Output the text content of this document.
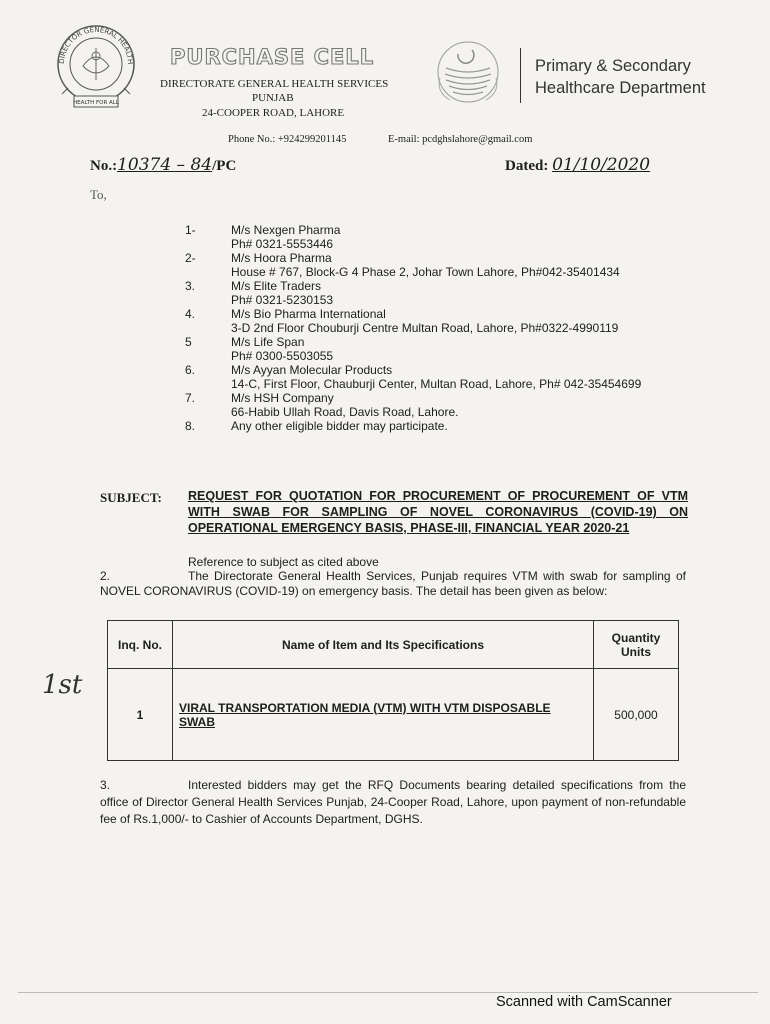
DIRECTOR GENERAL HEALTH
HEALTH FOR ALL
PURCHASE CELL
DIRECTORATE GENERAL HEALTH SERVICES
PUNJAB
24-COOPER ROAD, LAHORE
Primary & Secondary
Healthcare Department
Phone No.: +924299201145	E-mail: pcdghslahore@gmail.com
No.:10374 – 84/PC	Dated: 01/10/2020
To,
1-	M/s Nexgen Pharma
Ph# 0321-5553446
2-	M/s Hoora Pharma
House # 767, Block-G 4 Phase 2, Johar Town Lahore, Ph#042-35401434
3.	M/s Elite Traders
Ph# 0321-5230153
4.	M/s Bio Pharma International
3-D 2nd Floor Chouburji Centre Multan Road, Lahore, Ph#0322-4990119
5	M/s Life Span
Ph# 0300-5503055
6.	M/s Ayyan Molecular Products
14-C, First Floor, Chauburji Center, Multan Road, Lahore, Ph# 042-35454699
7.	M/s HSH Company
66-Habib Ullah Road, Davis Road, Lahore.
8.	Any other eligible bidder may participate.
SUBJECT: REQUEST FOR QUOTATION FOR PROCUREMENT OF PROCUREMENT OF VTM WITH SWAB FOR SAMPLING OF NOVEL CORONAVIRUS (COVID-19) ON OPERATIONAL EMERGENCY BASIS, PHASE-III, FINANCIAL YEAR 2020-21
Reference to subject as cited above
2.	The Directorate General Health Services, Punjab requires VTM with swab for sampling of NOVEL CORONAVIRUS (COVID-19) on emergency basis. The detail has been given as below:
Inq. No.	Name of Item and Its Specifications	Quantity Units
1	VIRAL TRANSPORTATION MEDIA (VTM) WITH VTM DISPOSABLE SWAB	500,000
1st
3.	Interested bidders may get the RFQ Documents bearing detailed specifications from the office of Director General Health Services Punjab, 24-Cooper Road, Lahore, upon payment of non-refundable fee of Rs.1,000/- to Cashier of Accounts Department, DGHS.
Scanned with CamScanner
